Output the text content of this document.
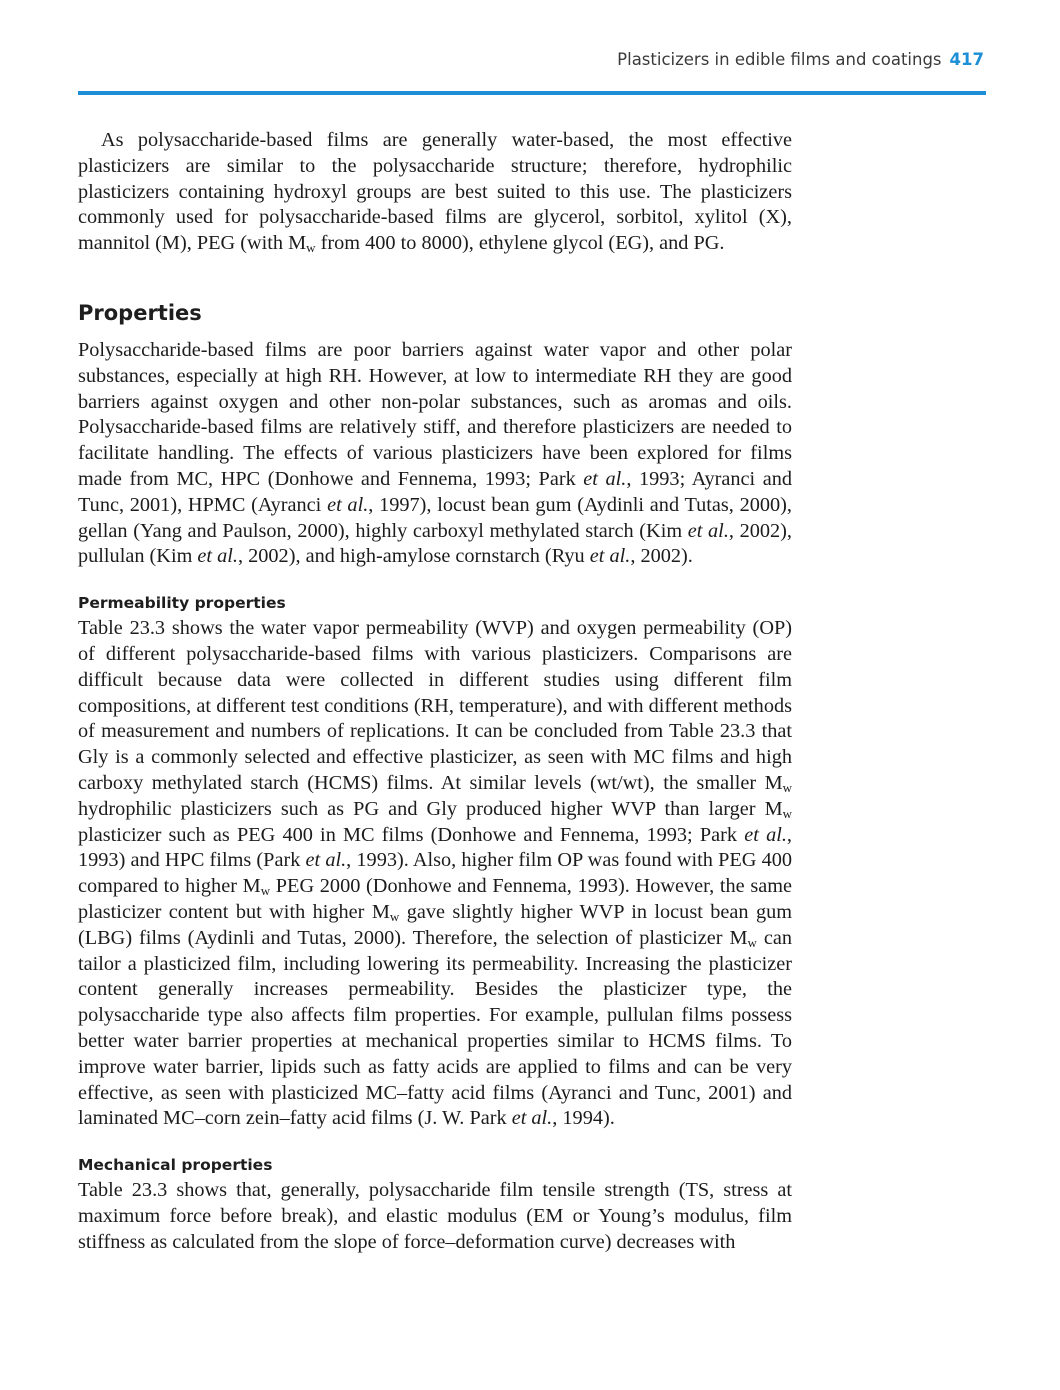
Plasticizers in edible films and coatings 417

As polysaccharide-based films are generally water-based, the most effective plasticizers are similar to the polysaccharide structure; therefore, hydrophilic plasticizers containing hydroxyl groups are best suited to this use. The plasticizers commonly used for polysaccharide-based films are glycerol, sorbitol, xylitol (X), mannitol (M), PEG (with $M_w$ from 400 to 8000), ethylene glycol (EG), and PG.

Properties

Polysaccharide-based films are poor barriers against water vapor and other polar substances, especially at high RH. However, at low to intermediate RH they are good barriers against oxygen and other non-polar substances, such as aromas and oils. Polysaccharide-based films are relatively stiff, and therefore plasticizers are needed to facilitate handling. The effects of various plasticizers have been explored for films made from MC, HPC (Donhowe and Fennema, 1993; Park et al., 1993; Ayranci and Tunc, 2001), HPMC (Ayranci et al., 1997), locust bean gum (Aydinli and Tutas, 2000), gellan (Yang and Paulson, 2000), highly carboxyl methylated starch (Kim et al., 2002), pullulan (Kim et al., 2002), and high-amylose cornstarch (Ryu et al., 2002).

Permeability properties

Table 23.3 shows the water vapor permeability (WVP) and oxygen permeability (OP) of different polysaccharide-based films with various plasticizers. Comparisons are difficult because data were collected in different studies using different film compositions, at different test conditions (RH, temperature), and with different methods of measurement and numbers of replications. It can be concluded from Table 23.3 that Gly is a commonly selected and effective plasticizer, as seen with MC films and high carboxy methylated starch (HCMS) films. At similar levels (wt/wt), the smaller $M_w$ hydrophilic plasticizers such as PG and Gly produced higher WVP than larger $M_w$ plasticizer such as PEG 400 in MC films (Donhowe and Fennema, 1993; Park et al., 1993) and HPC films (Park et al., 1993). Also, higher film OP was found with PEG 400 compared to higher $M_w$ PEG 2000 (Donhowe and Fennema, 1993). However, the same plasticizer content but with higher $M_w$ gave slightly higher WVP in locust bean gum (LBG) films (Aydinli and Tutas, 2000). Therefore, the selection of plasticizer $M_w$ can tailor a plasticized film, including lowering its permeability. Increasing the plasticizer content generally increases permeability. Besides the plasticizer type, the polysaccharide type also affects film properties. For example, pullulan films possess better water barrier properties at mechanical properties similar to HCMS films. To improve water barrier, lipids such as fatty acids are applied to films and can be very effective, as seen with plasticized MC–fatty acid films (Ayranci and Tunc, 2001) and laminated MC–corn zein–fatty acid films (J. W. Park et al., 1994).

Mechanical properties

Table 23.3 shows that, generally, polysaccharide film tensile strength (TS, stress at maximum force before break), and elastic modulus (EM or Young’s modulus, film stiffness as calculated from the slope of force–deformation curve) decreases with
